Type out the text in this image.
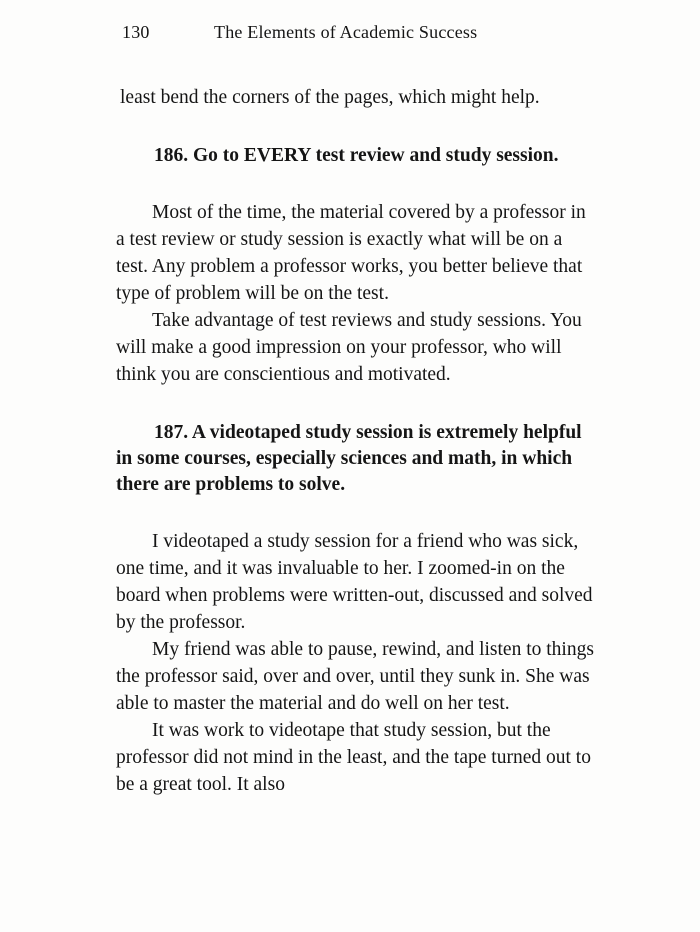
130	The Elements of Academic Success

least bend the corners of the pages, which might help.

186. Go to EVERY test review and study session.

Most of the time, the material covered by a professor in a test review or study session is exactly what will be on a test. Any problem a professor works, you better believe that type of problem will be on the test.

Take advantage of test reviews and study sessions. You will make a good impression on your professor, who will think you are conscientious and motivated.

187. A videotaped study session is extremely helpful in some courses, especially sciences and math, in which there are problems to solve.

I videotaped a study session for a friend who was sick, one time, and it was invaluable to her. I zoomed-in on the board when problems were written-out, discussed and solved by the professor.

My friend was able to pause, rewind, and listen to things the professor said, over and over, until they sunk in. She was able to master the material and do well on her test.

It was work to videotape that study session, but the professor did not mind in the least, and the tape turned out to be a great tool. It also
